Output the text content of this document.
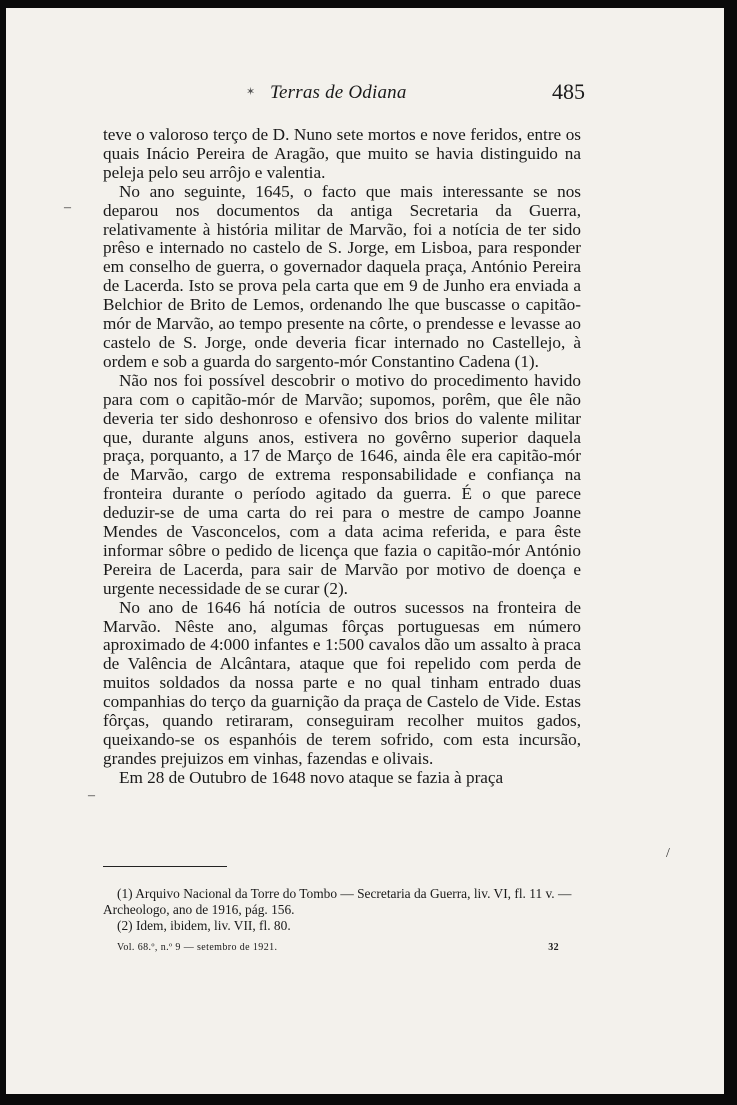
✶ Terras de Odiana	485

teve o valoroso terço de D. Nuno sete mortos e nove feridos, entre os quais Inácio Pereira de Aragão, que muito se havia distinguido na peleja pelo seu arrôjo e valentia.

No ano seguinte, 1645, o facto que mais interessante se nos deparou nos documentos da antiga Secretaria da Guerra, relativamente à história militar de Marvão, foi a notícia de ter sido prêso e internado no castelo de S. Jorge, em Lisboa, para responder em conselho de guerra, o governador daquela praça, António Pereira de Lacerda. Isto se prova pela carta que em 9 de Junho era enviada a Belchior de Brito de Lemos, ordenando lhe que buscasse o capitão-mór de Marvão, ao tempo presente na côrte, o prendesse e levasse ao castelo de S. Jorge, onde deveria ficar internado no Castellejo, à ordem e sob a guarda do sargento-mór Constantino Cadena (1).

Não nos foi possível descobrir o motivo do procedimento havido para com o capitão-mór de Marvão; supomos, porêm, que êle não deveria ter sido deshonroso e ofensivo dos brios do valente militar que, durante alguns anos, estivera no govêrno superior daquela praça, porquanto, a 17 de Março de 1646, ainda êle era capitão-mór de Marvão, cargo de extrema responsabilidade e confiança na fronteira durante o período agitado da guerra. É o que parece deduzir-se de uma carta do rei para o mestre de campo Joanne Mendes de Vasconcelos, com a data acima referida, e para êste informar sôbre o pedido de licença que fazia o capitão-mór António Pereira de Lacerda, para sair de Marvão por motivo de doença e urgente necessidade de se curar (2).

No ano de 1646 há notícia de outros sucessos na fronteira de Marvão. Nêste ano, algumas fôrças portuguesas em número aproximado de 4:000 infantes e 1:500 cavalos dão um assalto à praca de Valência de Alcântara, ataque que foi repelido com perda de muitos soldados da nossa parte e no qual tinham entrado duas companhias do terço da guarnição da praça de Castelo de Vide. Estas fôrças, quando retiraram, conseguiram recolher muitos gados, queixando-se os espanhóis de terem sofrido, com esta incursão, grandes prejuizos em vinhas, fazendas e olivais.

Em 28 de Outubro de 1648 novo ataque se fazia à praça

(1) Arquivo Nacional da Torre do Tombo — Secretaria da Guerra, liv. VI, fl. 11 v. — Archeologo, ano de 1916, pág. 156.

(2) Idem, ibidem, liv. VII, fl. 80.

Vol. 68.º, n.º 9 — setembro de 1921.	32
–
–
/
